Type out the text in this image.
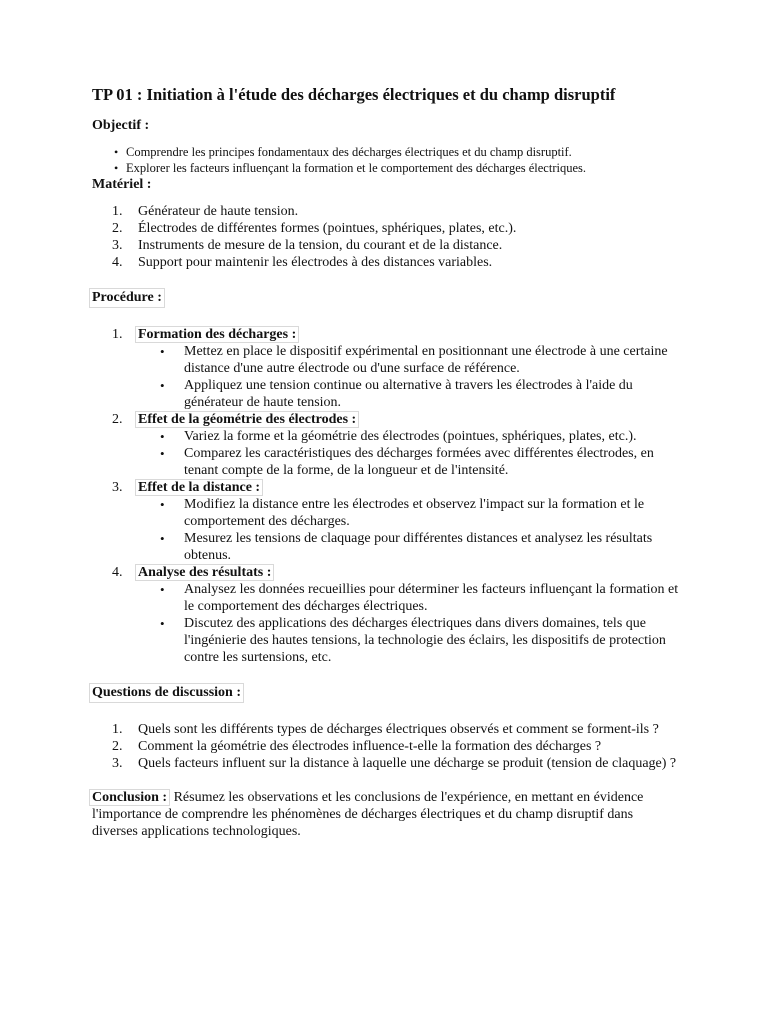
TP 01 : Initiation à l'étude des décharges électriques et du champ disruptif

Objectif :

• Comprendre les principes fondamentaux des décharges électriques et du champ disruptif.
• Explorer les facteurs influençant la formation et le comportement des décharges électriques.

Matériel :

1. Générateur de haute tension.
2. Électrodes de différentes formes (pointues, sphériques, plates, etc.).
3. Instruments de mesure de la tension, du courant et de la distance.
4. Support pour maintenir les électrodes à des distances variables.

Procédure :

1. Formation des décharges :
• Mettez en place le dispositif expérimental en positionnant une électrode à une certaine distance d'une autre électrode ou d'une surface de référence.
• Appliquez une tension continue ou alternative à travers les électrodes à l'aide du générateur de haute tension.
2. Effet de la géométrie des électrodes :
• Variez la forme et la géométrie des électrodes (pointues, sphériques, plates, etc.).
• Comparez les caractéristiques des décharges formées avec différentes électrodes, en tenant compte de la forme, de la longueur et de l'intensité.
3. Effet de la distance :
• Modifiez la distance entre les électrodes et observez l'impact sur la formation et le comportement des décharges.
• Mesurez les tensions de claquage pour différentes distances et analysez les résultats obtenus.
4. Analyse des résultats :
• Analysez les données recueillies pour déterminer les facteurs influençant la formation et le comportement des décharges électriques.
• Discutez des applications des décharges électriques dans divers domaines, tels que l'ingénierie des hautes tensions, la technologie des éclairs, les dispositifs de protection contre les surtensions, etc.

Questions de discussion :

1. Quels sont les différents types de décharges électriques observés et comment se forment-ils ?
2. Comment la géométrie des électrodes influence-t-elle la formation des décharges ?
3. Quels facteurs influent sur la distance à laquelle une décharge se produit (tension de claquage) ?

Conclusion : Résumez les observations et les conclusions de l'expérience, en mettant en évidence l'importance de comprendre les phénomènes de décharges électriques et du champ disruptif dans diverses applications technologiques.
